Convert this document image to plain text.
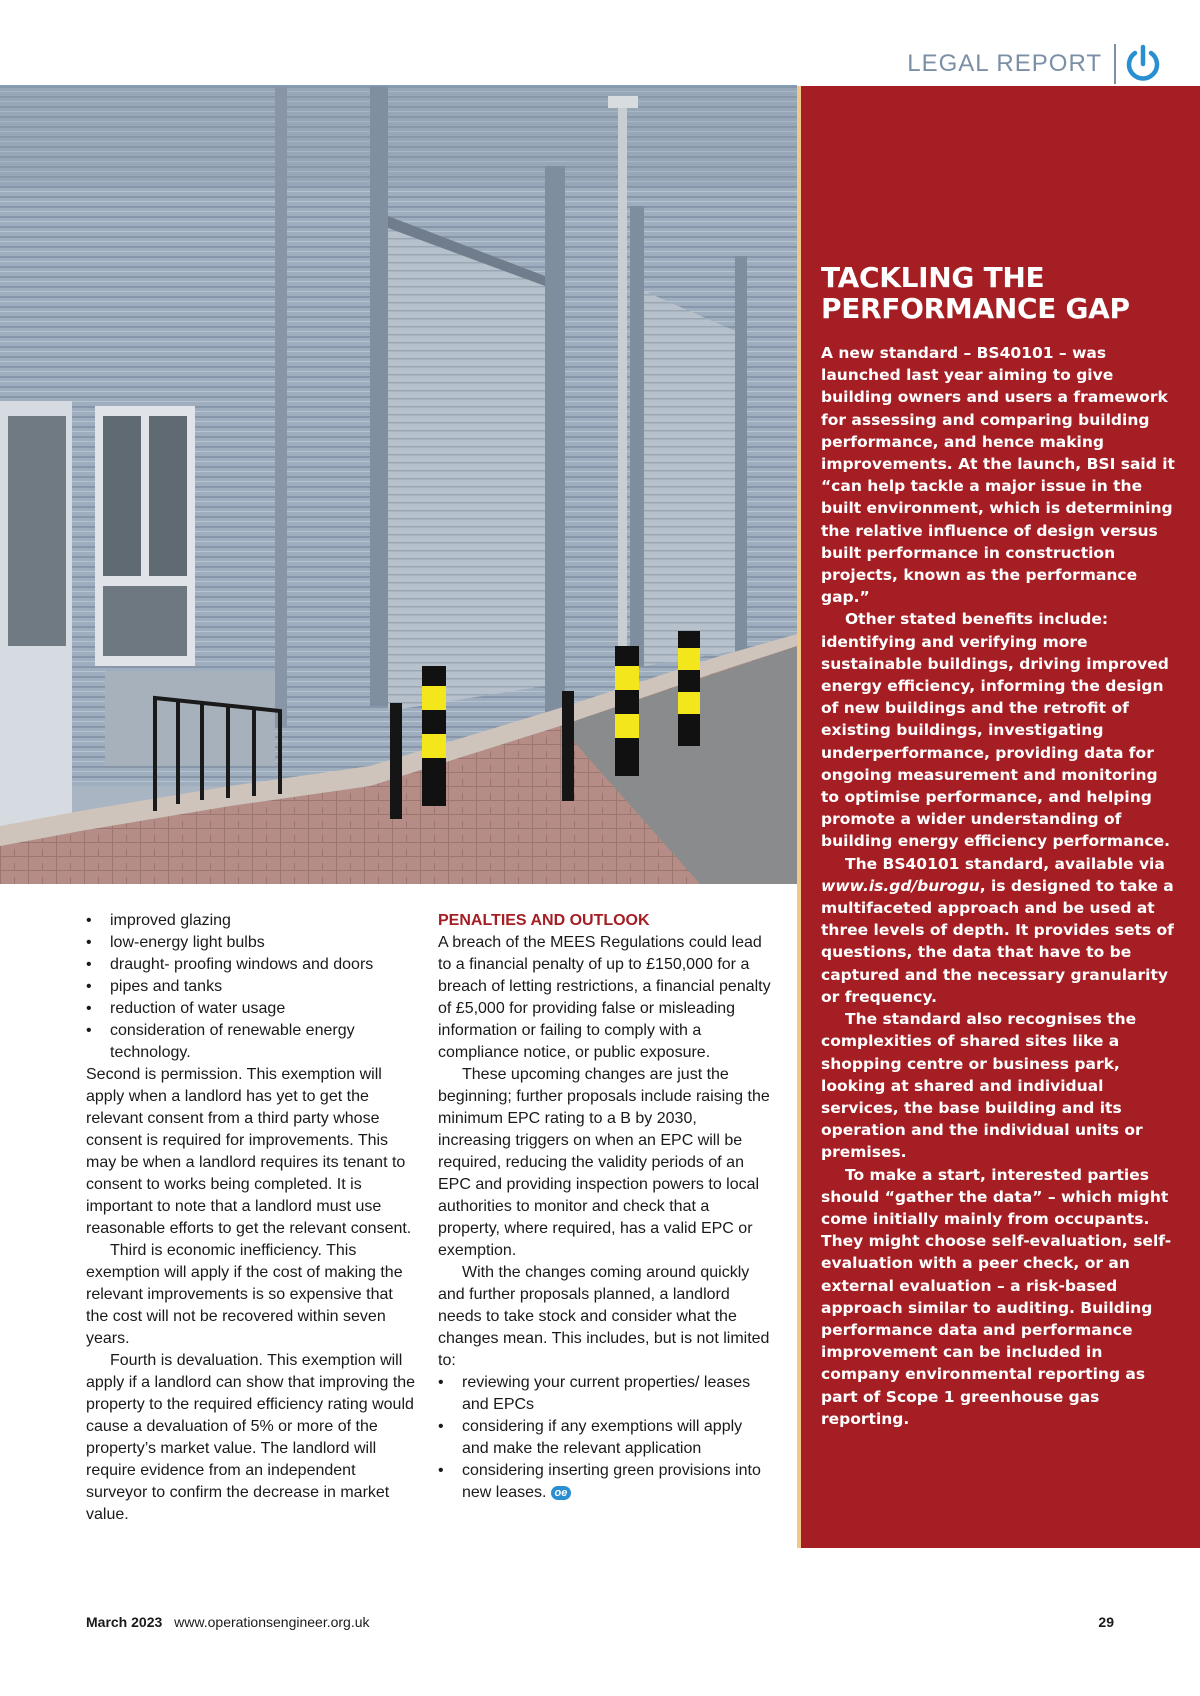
LEGAL REPORT
Joe Gough/stock.adobe.com
TACKLING THE
PERFORMANCE GAP

A new standard – BS40101 – was launched last year aiming to give building owners and users a framework for assessing and comparing building performance, and hence making improvements. At the launch, BSI said it “can help tackle a major issue in the built environment, which is determining the relative influence of design versus built performance in construction projects, known as the performance gap.”

Other stated benefits include: identifying and verifying more sustainable buildings, driving improved energy efficiency, informing the design of new buildings and the retrofit of existing buildings, investigating underperformance, providing data for ongoing measurement and monitoring to optimise performance, and helping promote a wider understanding of building energy efficiency performance.

The BS40101 standard, available via www.is.gd/burogu, is designed to take a multifaceted approach and be used at three levels of depth. It provides sets of questions, the data that have to be captured and the necessary granularity or frequency.

The standard also recognises the complexities of shared sites like a shopping centre or business park, looking at shared and individual services, the base building and its operation and the individual units or premises.

To make a start, interested parties should “gather the data” – which might come initially mainly from occupants. They might choose self-evaluation, self-evaluation with a peer check, or an external evaluation – a risk-based approach similar to auditing. Building performance data and performance improvement can be included in company environmental reporting as part of Scope 1 greenhouse gas reporting.

• improved glazing
• low-energy light bulbs
• draught- proofing windows and doors
• pipes and tanks
• reduction of water usage
• consideration of renewable energy technology.

Second is permission. This exemption will apply when a landlord has yet to get the relevant consent from a third party whose consent is required for improvements. This may be when a landlord requires its tenant to consent to works being completed. It is important to note that a landlord must use reasonable efforts to get the relevant consent.

Third is economic inefficiency. This exemption will apply if the cost of making the relevant improvements is so expensive that the cost will not be recovered within seven years.

Fourth is devaluation. This exemption will apply if a landlord can show that improving the property to the required efficiency rating would cause a devaluation of 5% or more of the property’s market value. The landlord will require evidence from an independent surveyor to confirm the decrease in market value.

PENALTIES AND OUTLOOK

A breach of the MEES Regulations could lead to a financial penalty of up to £150,000 for a breach of letting restrictions, a financial penalty of £5,000 for providing false or misleading information or failing to comply with a compliance notice, or public exposure.

These upcoming changes are just the beginning; further proposals include raising the minimum EPC rating to a B by 2030, increasing triggers on when an EPC will be required, reducing the validity periods of an EPC and providing inspection powers to local authorities to monitor and check that a property, where required, has a valid EPC or exemption.

With the changes coming around quickly and further proposals planned, a landlord needs to take stock and consider what the changes mean. This includes, but is not limited to:

• reviewing your current properties/ leases and EPCs
• considering if any exemptions will apply and make the relevant application
• considering inserting green provisions into new leases. oe
March 2023 www.operationsengineer.org.uk	29
